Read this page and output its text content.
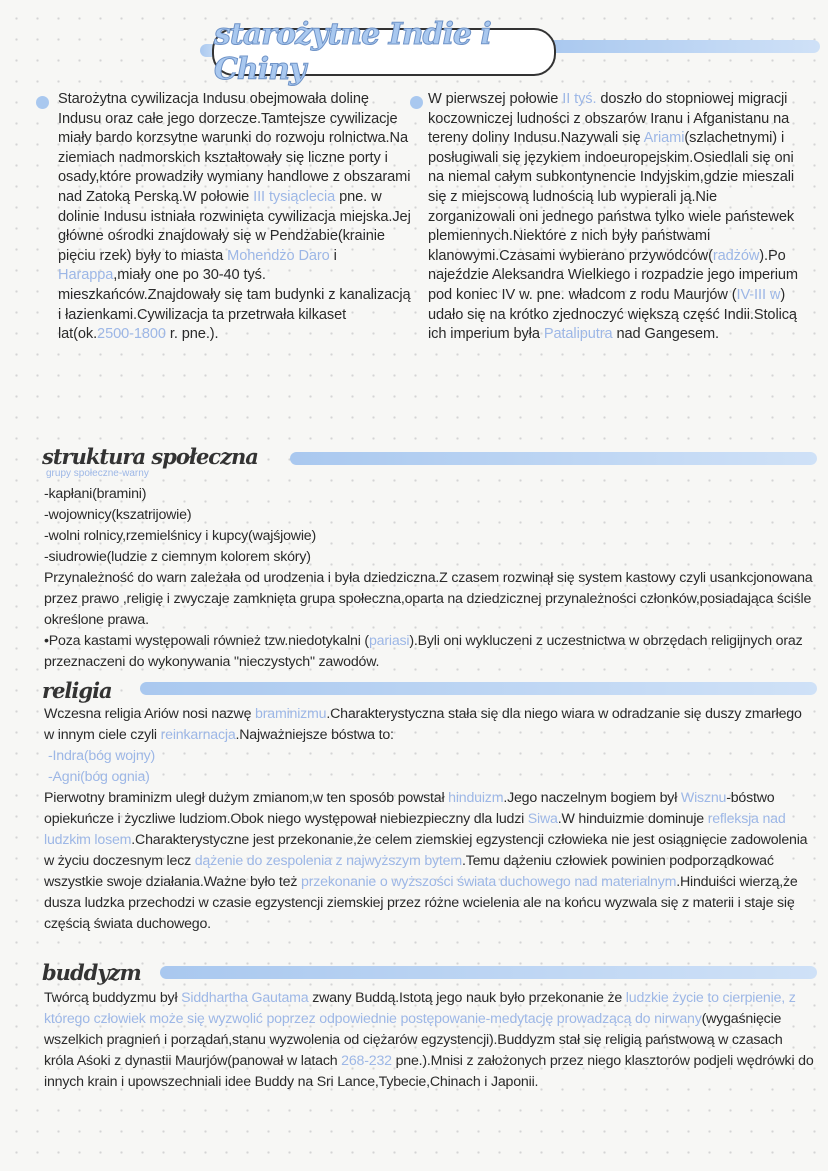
starożytne Indie i Chiny
Starożytna cywilizacja Indusu obejmowała dolinę Indusu oraz całe jego dorzecze.Tamtejsze cywilizacje miały bardo korzsytne warunki do rozwoju rolnictwa.Na ziemiach nadmorskich kształtowały się liczne porty i osady,które prowadziły wymiany handlowe z obszarami nad Zatoką Perską.W połowie III tysiąclecia pne. w dolinie Indusu istniała rozwinięta cywilizacja miejska.Jej główne ośrodki znajdowały się w Pendżabie(krainie pięciu rzek) były to miasta Mohendżo Daro i Harappa,miały one po 30-40 tyś. mieszkańców.Znajdowały się tam budynki z kanalizacją i łazienkami.Cywilizacja ta przetrwała kilkaset lat(ok.2500-1800 r. pne.).
W pierwszej połowie II tyś. doszło do stopniowej migracji koczowniczej ludności z obszarów Iranu i Afganistanu na tereny doliny Indusu.Nazywali się Ariami(szlachetnymi) i posługiwali się językiem indoeuropejskim.Osiedlali się oni na niemal całym subkontynencie Indyjskim,gdzie mieszali się z miejscową ludnością lub wypierali ją.Nie zorganizowali oni jednego państwa tylko wiele państewek plemiennych.Niektóre z nich były państwami klanowymi.Czasami wybierano przywódców(radżów).Po najeździe Aleksandra Wielkiego i rozpadzie jego imperium pod koniec IV w. pne. władcom z rodu Maurjów (IV-III w) udało się na krótko zjednoczyć większą część Indii.Stolicą ich imperium była Pataliputra nad Gangesem.
struktura społeczna
grupy społeczne-warny
-kapłani(bramini)
-wojownicy(kszatrijowie)
-wolni rolnicy,rzemielśnicy i kupcy(wajśjowie)
-siudrowie(ludzie z ciemnym kolorem skóry)
Przynależność do warn zależała od urodzenia i była dziedziczna.Z czasem rozwinął się system kastowy czyli usankcjonowana przez prawo ,religię i zwyczaje zamknięta grupa społeczna,oparta na dziedzicznej przynależności członków,posiadająca ściśle określone prawa.
•Poza kastami występowali również tzw.niedotykalni (pariasi).Byli oni wykluczeni z uczestnictwa w obrzędach religijnych oraz przeznaczeni do wykonywania "nieczystych" zawodów.
religia
Wczesna religia Ariów nosi nazwę braminizmu.Charakterystyczna stała się dla niego wiara w odradzanie się duszy zmarłego w innym ciele czyli reinkarnacja.Najważniejsze bóstwa to:
-Indra(bóg wojny)
-Agni(bóg ognia)
Pierwotny braminizm uległ dużym zmianom,w ten sposób powstał hinduizm.Jego naczelnym bogiem był Wisznu-bóstwo opiekuńcze i życzliwe ludziom.Obok niego występował niebiezpieczny dla ludzi Siwa.W hinduizmie dominuje refleksja nad ludzkim losem.Charakterystyczne jest przekonanie,że celem ziemskiej egzystencji człowieka nie jest osiągnięcie zadowolenia w życiu doczesnym lecz dążenie do zespolenia z najwyższym bytem.Temu dążeniu człowiek powinien podporządkować wszystkie swoje działania.Ważne było też przekonanie o wyższości świata duchowego nad materialnym.Hinduiści wierzą,że dusza ludzka przechodzi w czasie egzystencji ziemskiej przez różne wcielenia ale na końcu wyzwala się z materii i staje się częścią świata duchowego.
buddyzm
Twórcą buddyzmu był Siddhartha Gautama zwany Buddą.Istotą jego nauk było przekonanie że ludzkie życie to cierpienie, z którego człowiek może się wyzwolić poprzez odpowiednie postępowanie-medytację prowadzącą do nirwany(wygaśnięcie wszelkich pragnień i porządań,stanu wyzwolenia od ciężarów egzystencji).Buddyzm stał się religią państwową w czasach króla Aśoki z dynastii Maurjów(panował w latach 268-232 pne.).Mnisi z założonych przez niego klasztorów podjeli wędrówki do innych krain i upowszechniali idee Buddy na Sri Lance,Tybecie,Chinach i Japonii.
